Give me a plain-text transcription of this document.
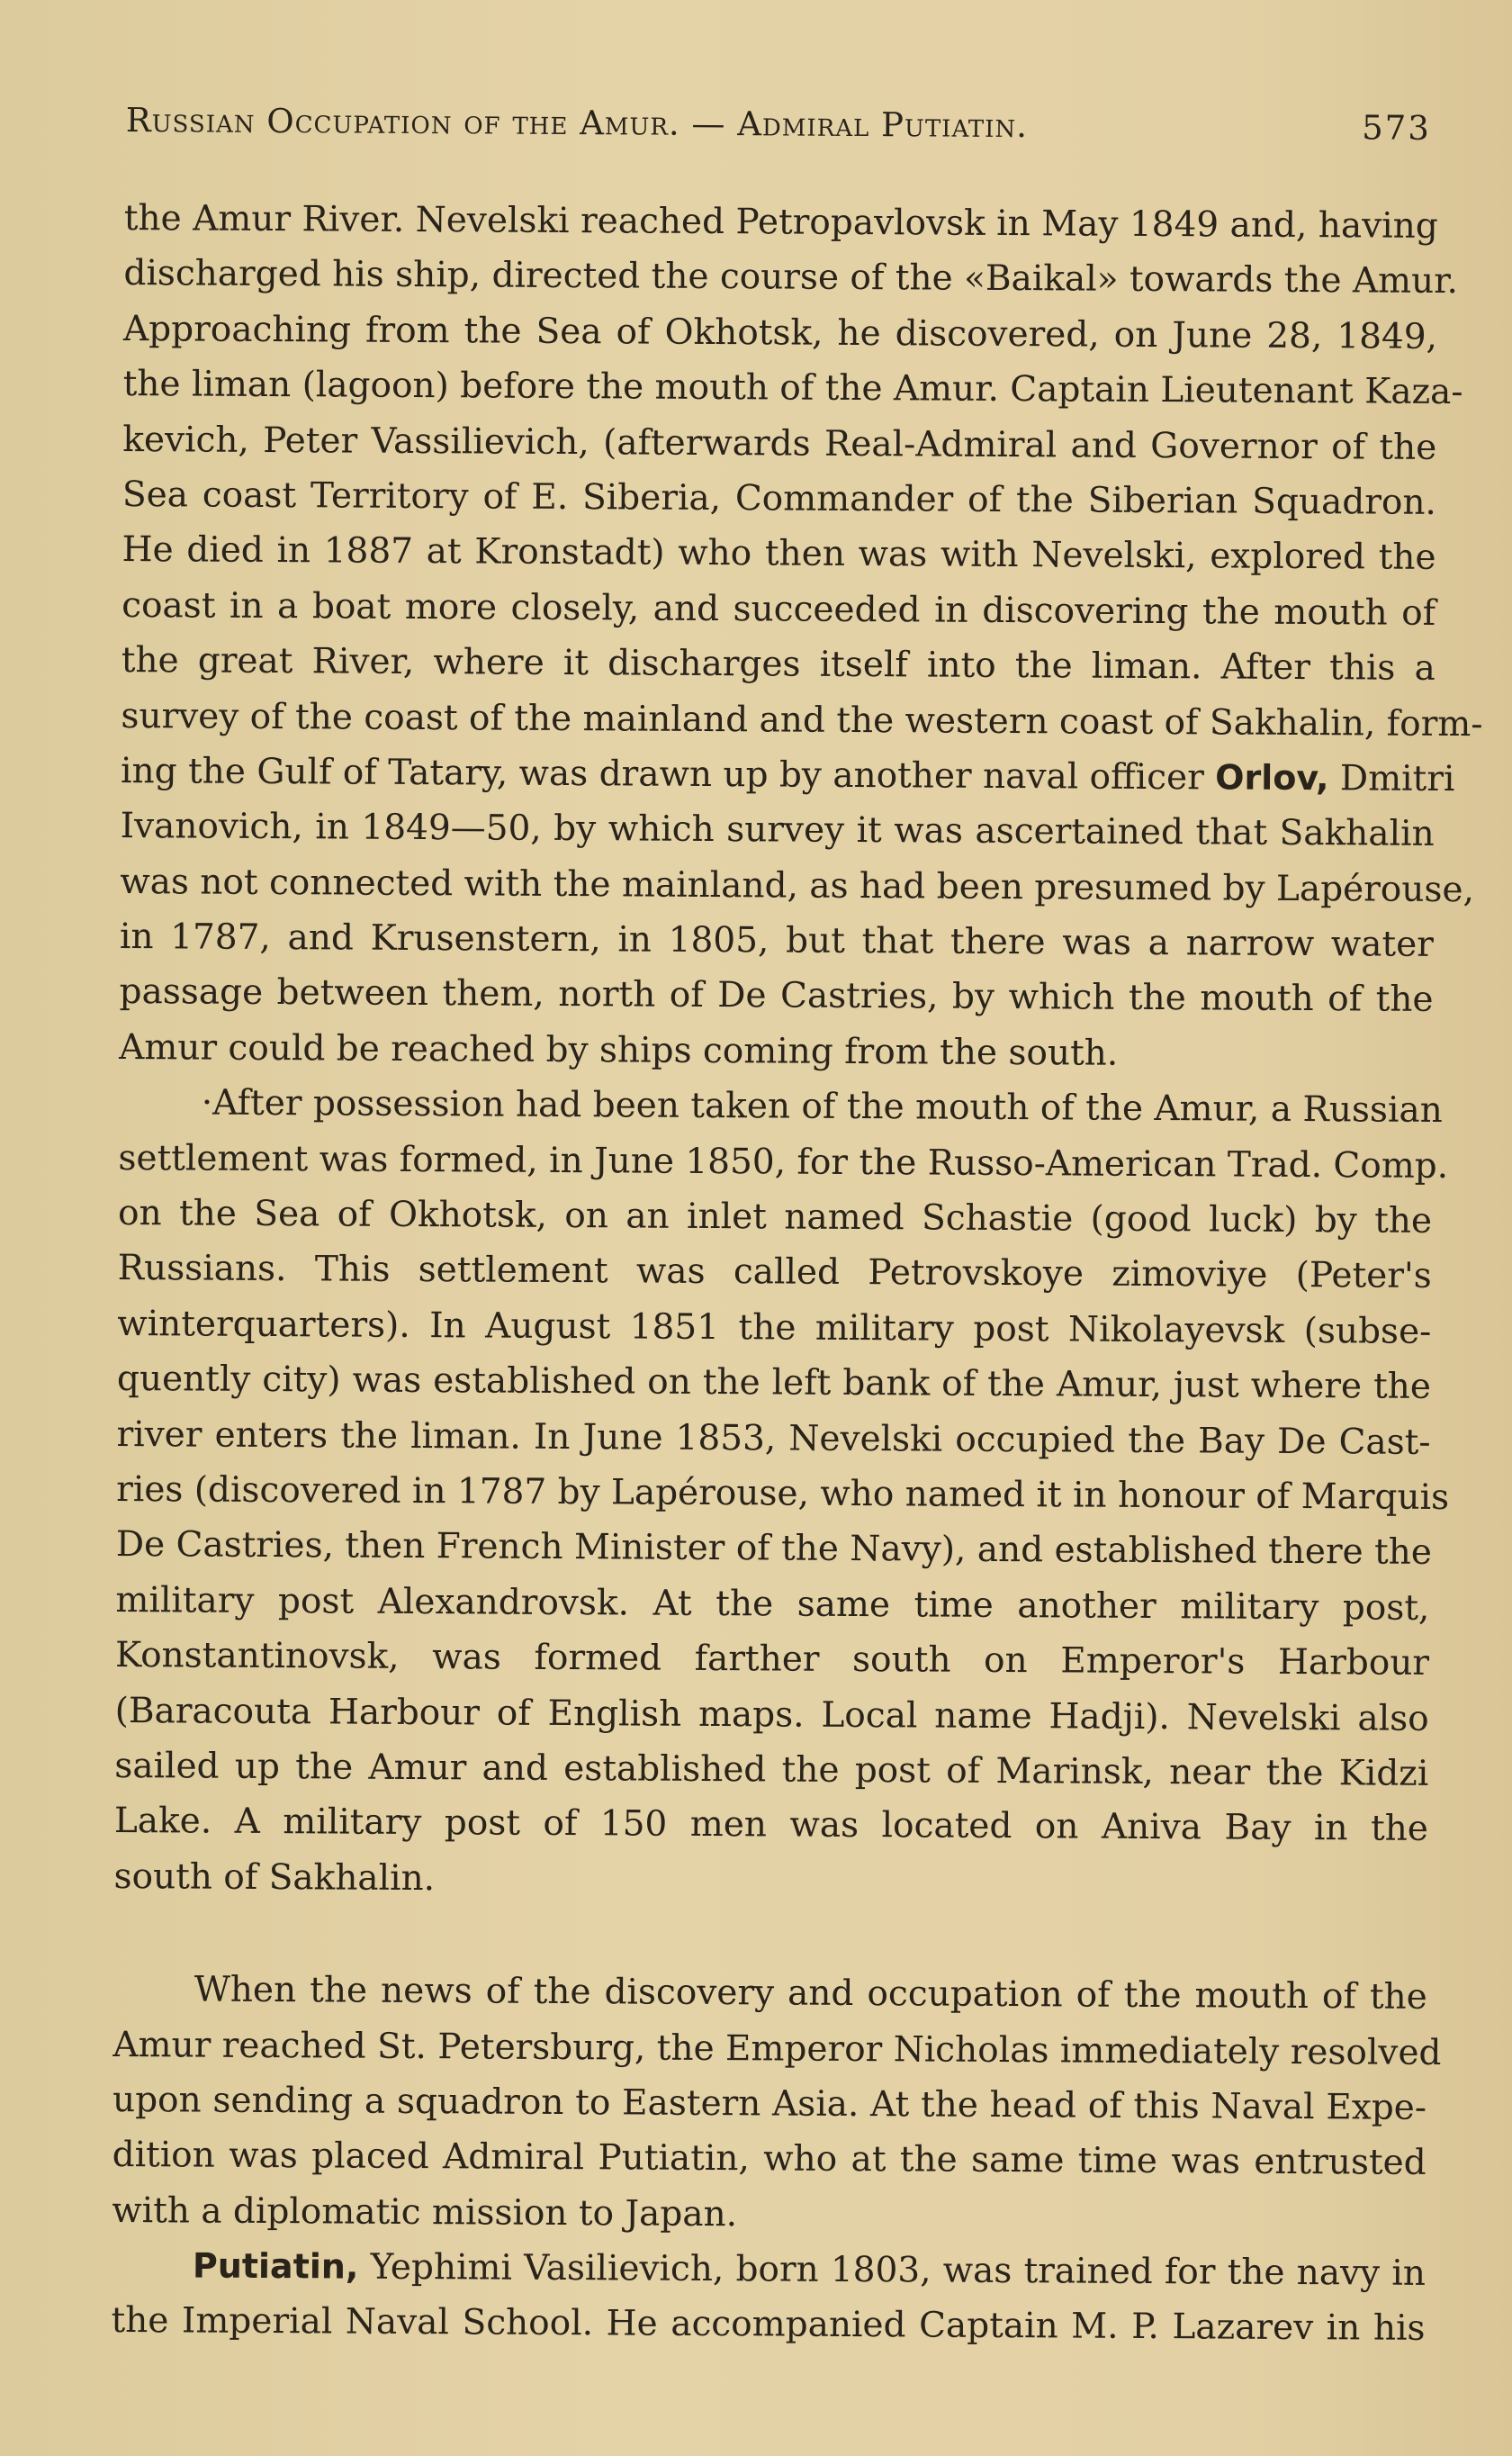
Russian Occupation of the Amur. — Admiral Putiatin.	573
the Amur River. Nevelski reached Petropavlovsk in May 1849 and, having
discharged his ship, directed the course of the «Baikal» towards the Amur.
Approaching from the Sea of Okhotsk, he discovered, on June 28, 1849,
the liman (lagoon) before the mouth of the Amur. Captain Lieutenant Kaza-
kevich, Peter Vassilievich, (afterwards Real-Admiral and Governor of the
Sea coast Territory of E. Siberia, Commander of the Siberian Squadron.
He died in 1887 at Kronstadt) who then was with Nevelski, explored the
coast in a boat more closely, and succeeded in discovering the mouth of
the great River, where it discharges itself into the liman. After this a
survey of the coast of the mainland and the western coast of Sakhalin, form-
ing the Gulf of Tatary, was drawn up by another naval officer Orlov, Dmitri
Ivanovich, in 1849—50, by which survey it was ascertained that Sakhalin
was not connected with the mainland, as had been presumed by Lapérouse,
in 1787, and Krusenstern, in 1805, but that there was a narrow water
passage between them, north of De Castries, by which the mouth of the
Amur could be reached by ships coming from the south.
·After possession had been taken of the mouth of the Amur, a Russian
settlement was formed, in June 1850, for the Russo-American Trad. Comp.
on the Sea of Okhotsk, on an inlet named Schastie (good luck) by the
Russians. This settlement was called Petrovskoye zimoviye (Peter's
winterquarters). In August 1851 the military post Nikolayevsk (subse-
quently city) was established on the left bank of the Amur, just where the
river enters the liman. In June 1853, Nevelski occupied the Bay De Cast-
ries (discovered in 1787 by Lapérouse, who named it in honour of Marquis
De Castries, then French Minister of the Navy), and established there the
military post Alexandrovsk. At the same time another military post,
Konstantinovsk, was formed farther south on Emperor's Harbour
(Baracouta Harbour of English maps. Local name Hadji). Nevelski also
sailed up the Amur and established the post of Marinsk, near the Kidzi
Lake. A military post of 150 men was located on Aniva Bay in the
south of Sakhalin.
When the news of the discovery and occupation of the mouth of the
Amur reached St. Petersburg, the Emperor Nicholas immediately resolved
upon sending a squadron to Eastern Asia. At the head of this Naval Expe-
dition was placed Admiral Putiatin, who at the same time was entrusted
with a diplomatic mission to Japan.
Putiatin, Yephimi Vasilievich, born 1803, was trained for the navy in
the Imperial Naval School. He accompanied Captain M. P. Lazarev in his
